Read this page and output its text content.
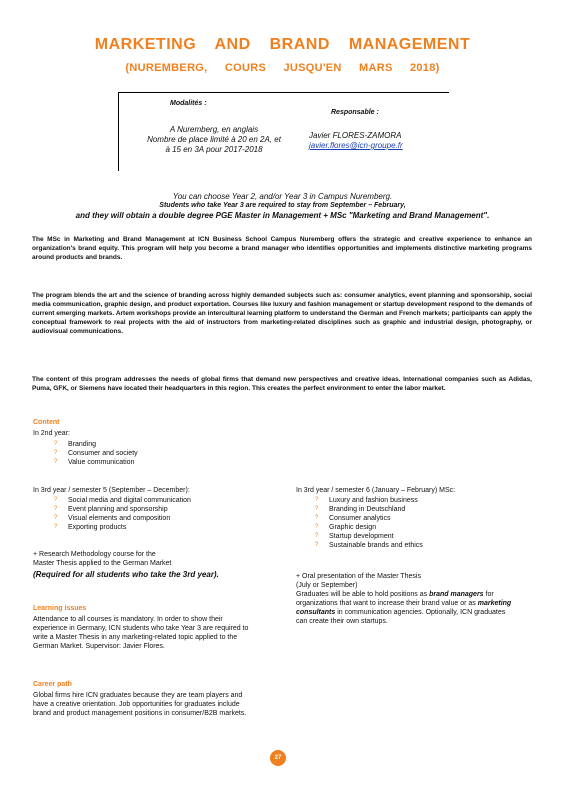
MARKETING AND BRAND MANAGEMENT
(NUREMBERG, COURS JUSQU'EN MARS 2018)
Modalités :
A Nuremberg, en anglais
Nombre de place limité à 20 en 2A, et
à 15 en 3A pour 2017-2018
Responsable :
Javier FLORES-ZAMORA
javier.flores@icn-groupe.fr
You can choose Year 2, and/or Year 3 in Campus Nuremberg.
Students who take Year 3 are required to stay from September – February,
and they will obtain a double degree PGE Master in Management + MSc "Marketing and Brand Management".
The MSc in Marketing and Brand Management at ICN Business School Campus Nuremberg offers the strategic and creative experience to enhance an organization's brand equity. This program will help you become a brand manager who identifies opportunities and implements distinctive marketing programs around products and brands.
The program blends the art and the science of branding across highly demanded subjects such as: consumer analytics, event planning and sponsorship, social media communication, graphic design, and product exportation. Courses like luxury and fashion management or startup development respond to the demands of current emerging markets. Artem workshops provide an intercultural learning platform to understand the German and French markets; participants can apply the conceptual framework to real projects with the aid of instructors from marketing-related disciplines such as graphic and industrial design, photography, or audiovisual communications.
The content of this program addresses the needs of global firms that demand new perspectives and creative ideas. International companies such as Adidas, Puma, GFK, or Siemens have located their headquarters in this region. This creates the perfect environment to enter the labor market.
Content
In 2nd year:
? Branding
? Consumer and society
? Value communication
In 3rd year / semester 5 (September – December):
? Social media and digital communication
? Event planning and sponsorship
? Visual elements and composition
? Exporting products
+ Research Methodology course for the
Master Thesis applied to the German Market
(Required for all students who take the 3rd year).
Learning issues
Attendance to all courses is mandatory. In order to show their experience in Germany, ICN students who take Year 3 are required to write a Master Thesis in any marketing-related topic applied to the German Market. Supervisor: Javier Flores.
Career path
Global firms hire ICN graduates because they are team players and have a creative orientation. Job opportunities for graduates include brand and product management positions in consumer/B2B markets.
In 3rd year / semester 6 (January – February) MSc:
? Luxury and fashion business
? Branding in Deutschland
? Consumer analytics
? Graphic design
? Startup development
? Sustainable brands and ethics
+ Oral presentation of the Master Thesis
(July or September)
Graduates will be able to hold positions as brand managers for organizations that want to increase their brand value or as marketing consultants in communication agencies. Optionally, ICN graduates can create their own startups.
27
